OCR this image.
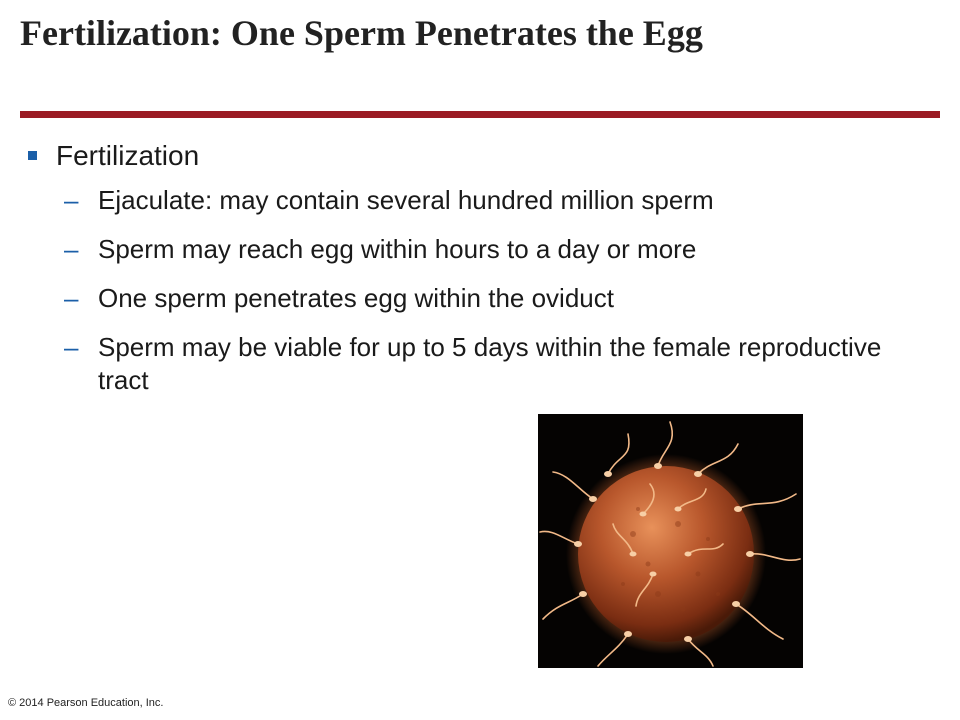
Fertilization: One Sperm Penetrates the Egg
Fertilization
– Ejaculate: may contain several hundred million sperm
– Sperm may reach egg within hours to a day or more
– One sperm penetrates egg within the oviduct
– Sperm may be viable for up to 5 days within the female reproductive tract
© 2014 Pearson Education, Inc.
